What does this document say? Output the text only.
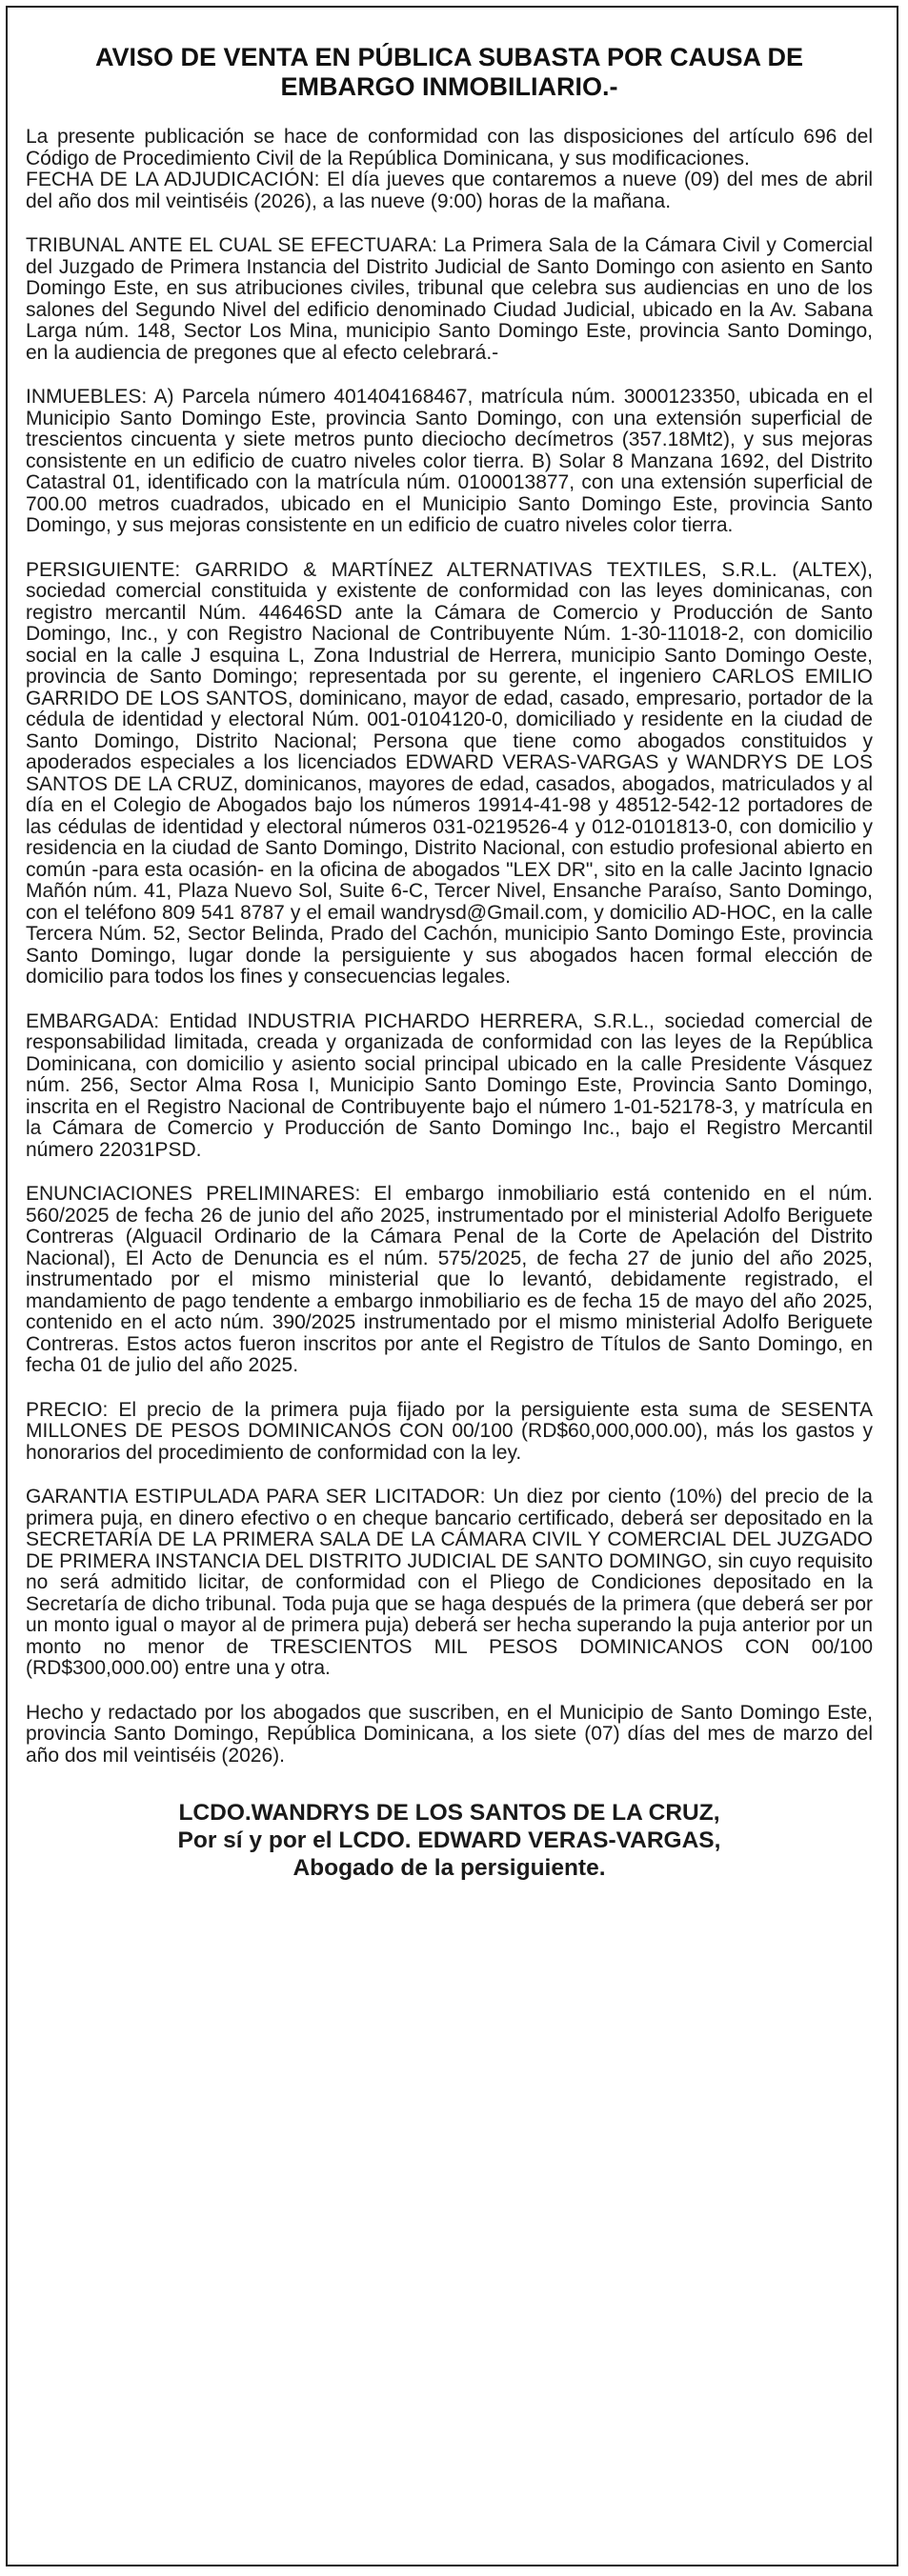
AVISO DE VENTA EN PÚBLICA SUBASTA POR CAUSA DE EMBARGO INMOBILIARIO.-

La presente publicación se hace de conformidad con las disposiciones del artículo 696 del Código de Procedimiento Civil de la República Dominicana, y sus modificaciones.

FECHA DE LA ADJUDICACIÓN: El día jueves que contaremos a nueve (09) del mes de abril del año dos mil veintiséis (2026), a las nueve (9:00) horas de la mañana.

TRIBUNAL ANTE EL CUAL SE EFECTUARA: La Primera Sala de la Cámara Civil y Comercial del Juzgado de Primera Instancia del Distrito Judicial de Santo Domingo con asiento en Santo Domingo Este, en sus atribuciones civiles, tribunal que celebra sus audiencias en uno de los salones del Segundo Nivel del edificio denominado Ciudad Judicial, ubicado en la Av. Sabana Larga núm. 148, Sector Los Mina, municipio Santo Domingo Este, provincia Santo Domingo, en la audiencia de pregones que al efecto celebrará.-

INMUEBLES: A) Parcela número 401404168467, matrícula núm. 3000123350, ubicada en el Municipio Santo Domingo Este, provincia Santo Domingo, con una extensión superficial de trescientos cincuenta y siete metros punto dieciocho decímetros (357.18Mt2), y sus mejoras consistente en un edificio de cuatro niveles color tierra. B) Solar 8 Manzana 1692, del Distrito Catastral 01, identificado con la matrícula núm. 0100013877, con una extensión superficial de 700.00 metros cuadrados, ubicado en el Municipio Santo Domingo Este, provincia Santo Domingo, y sus mejoras consistente en un edificio de cuatro niveles color tierra.

PERSIGUIENTE: GARRIDO & MARTÍNEZ ALTERNATIVAS TEXTILES, S.R.L. (ALTEX), sociedad comercial constituida y existente de conformidad con las leyes dominicanas, con registro mercantil Núm. 44646SD ante la Cámara de Comercio y Producción de Santo Domingo, Inc., y con Registro Nacional de Contribuyente Núm. 1-30-11018-2, con domicilio social en la calle J esquina L, Zona Industrial de Herrera, municipio Santo Domingo Oeste, provincia de Santo Domingo; representada por su gerente, el ingeniero CARLOS EMILIO GARRIDO DE LOS SANTOS, dominicano, mayor de edad, casado, empresario, portador de la cédula de identidad y electoral Núm. 001-0104120-0, domiciliado y residente en la ciudad de Santo Domingo, Distrito Nacional; Persona que tiene como abogados constituidos y apoderados especiales a los licenciados EDWARD VERAS-VARGAS y WANDRYS DE LOS SANTOS DE LA CRUZ, dominicanos, mayores de edad, casados, abogados, matriculados y al día en el Colegio de Abogados bajo los números 19914-41-98 y 48512-542-12 portadores de las cédulas de identidad y electoral números 031-0219526-4 y 012-0101813-0, con domicilio y residencia en la ciudad de Santo Domingo, Distrito Nacional, con estudio profesional abierto en común -para esta ocasión- en la oficina de abogados "LEX DR", sito en la calle Jacinto Ignacio Mañón núm. 41, Plaza Nuevo Sol, Suite 6-C, Tercer Nivel, Ensanche Paraíso, Santo Domingo, con el teléfono 809 541 8787 y el email wandrysd@Gmail.com, y domicilio AD-HOC, en la calle Tercera Núm. 52, Sector Belinda, Prado del Cachón, municipio Santo Domingo Este, provincia Santo Domingo, lugar donde la persiguiente y sus abogados hacen formal elección de domicilio para todos los fines y consecuencias legales.

EMBARGADA: Entidad INDUSTRIA PICHARDO HERRERA, S.R.L., sociedad comercial de responsabilidad limitada, creada y organizada de conformidad con las leyes de la República Dominicana, con domicilio y asiento social principal ubicado en la calle Presidente Vásquez núm. 256, Sector Alma Rosa I, Municipio Santo Domingo Este, Provincia Santo Domingo, inscrita en el Registro Nacional de Contribuyente bajo el número 1-01-52178-3, y matrícula en la Cámara de Comercio y Producción de Santo Domingo Inc., bajo el Registro Mercantil número 22031PSD.

ENUNCIACIONES PRELIMINARES: El embargo inmobiliario está contenido en el núm. 560/2025 de fecha 26 de junio del año 2025, instrumentado por el ministerial Adolfo Beriguete Contreras (Alguacil Ordinario de la Cámara Penal de la Corte de Apelación del Distrito Nacional), El Acto de Denuncia es el núm. 575/2025, de fecha 27 de junio del año 2025, instrumentado por el mismo ministerial que lo levantó, debidamente registrado, el mandamiento de pago tendente a embargo inmobiliario es de fecha 15 de mayo del año 2025, contenido en el acto núm. 390/2025 instrumentado por el mismo ministerial Adolfo Beriguete Contreras. Estos actos fueron inscritos por ante el Registro de Títulos de Santo Domingo, en fecha 01 de julio del año 2025.

PRECIO: El precio de la primera puja fijado por la persiguiente esta suma de SESENTA MILLONES DE PESOS DOMINICANOS CON 00/100 (RD$60,000,000.00), más los gastos y honorarios del procedimiento de conformidad con la ley.

GARANTIA ESTIPULADA PARA SER LICITADOR: Un diez por ciento (10%) del precio de la primera puja, en dinero efectivo o en cheque bancario certificado, deberá ser depositado en la SECRETARÍA DE LA PRIMERA SALA DE LA CÁMARA CIVIL Y COMERCIAL DEL JUZGADO DE PRIMERA INSTANCIA DEL DISTRITO JUDICIAL DE SANTO DOMINGO, sin cuyo requisito no será admitido licitar, de conformidad con el Pliego de Condiciones depositado en la Secretaría de dicho tribunal. Toda puja que se haga después de la primera (que deberá ser por un monto igual o mayor al de primera puja) deberá ser hecha superando la puja anterior por un monto no menor de TRESCIENTOS MIL PESOS DOMINICANOS CON 00/100 (RD$300,000.00) entre una y otra.

Hecho y redactado por los abogados que suscriben, en el Municipio de Santo Domingo Este, provincia Santo Domingo, República Dominicana, a los siete (07) días del mes de marzo del año dos mil veintiséis (2026).

LCDO.WANDRYS DE LOS SANTOS DE LA CRUZ,
Por sí y por el LCDO. EDWARD VERAS-VARGAS,
Abogado de la persiguiente.
